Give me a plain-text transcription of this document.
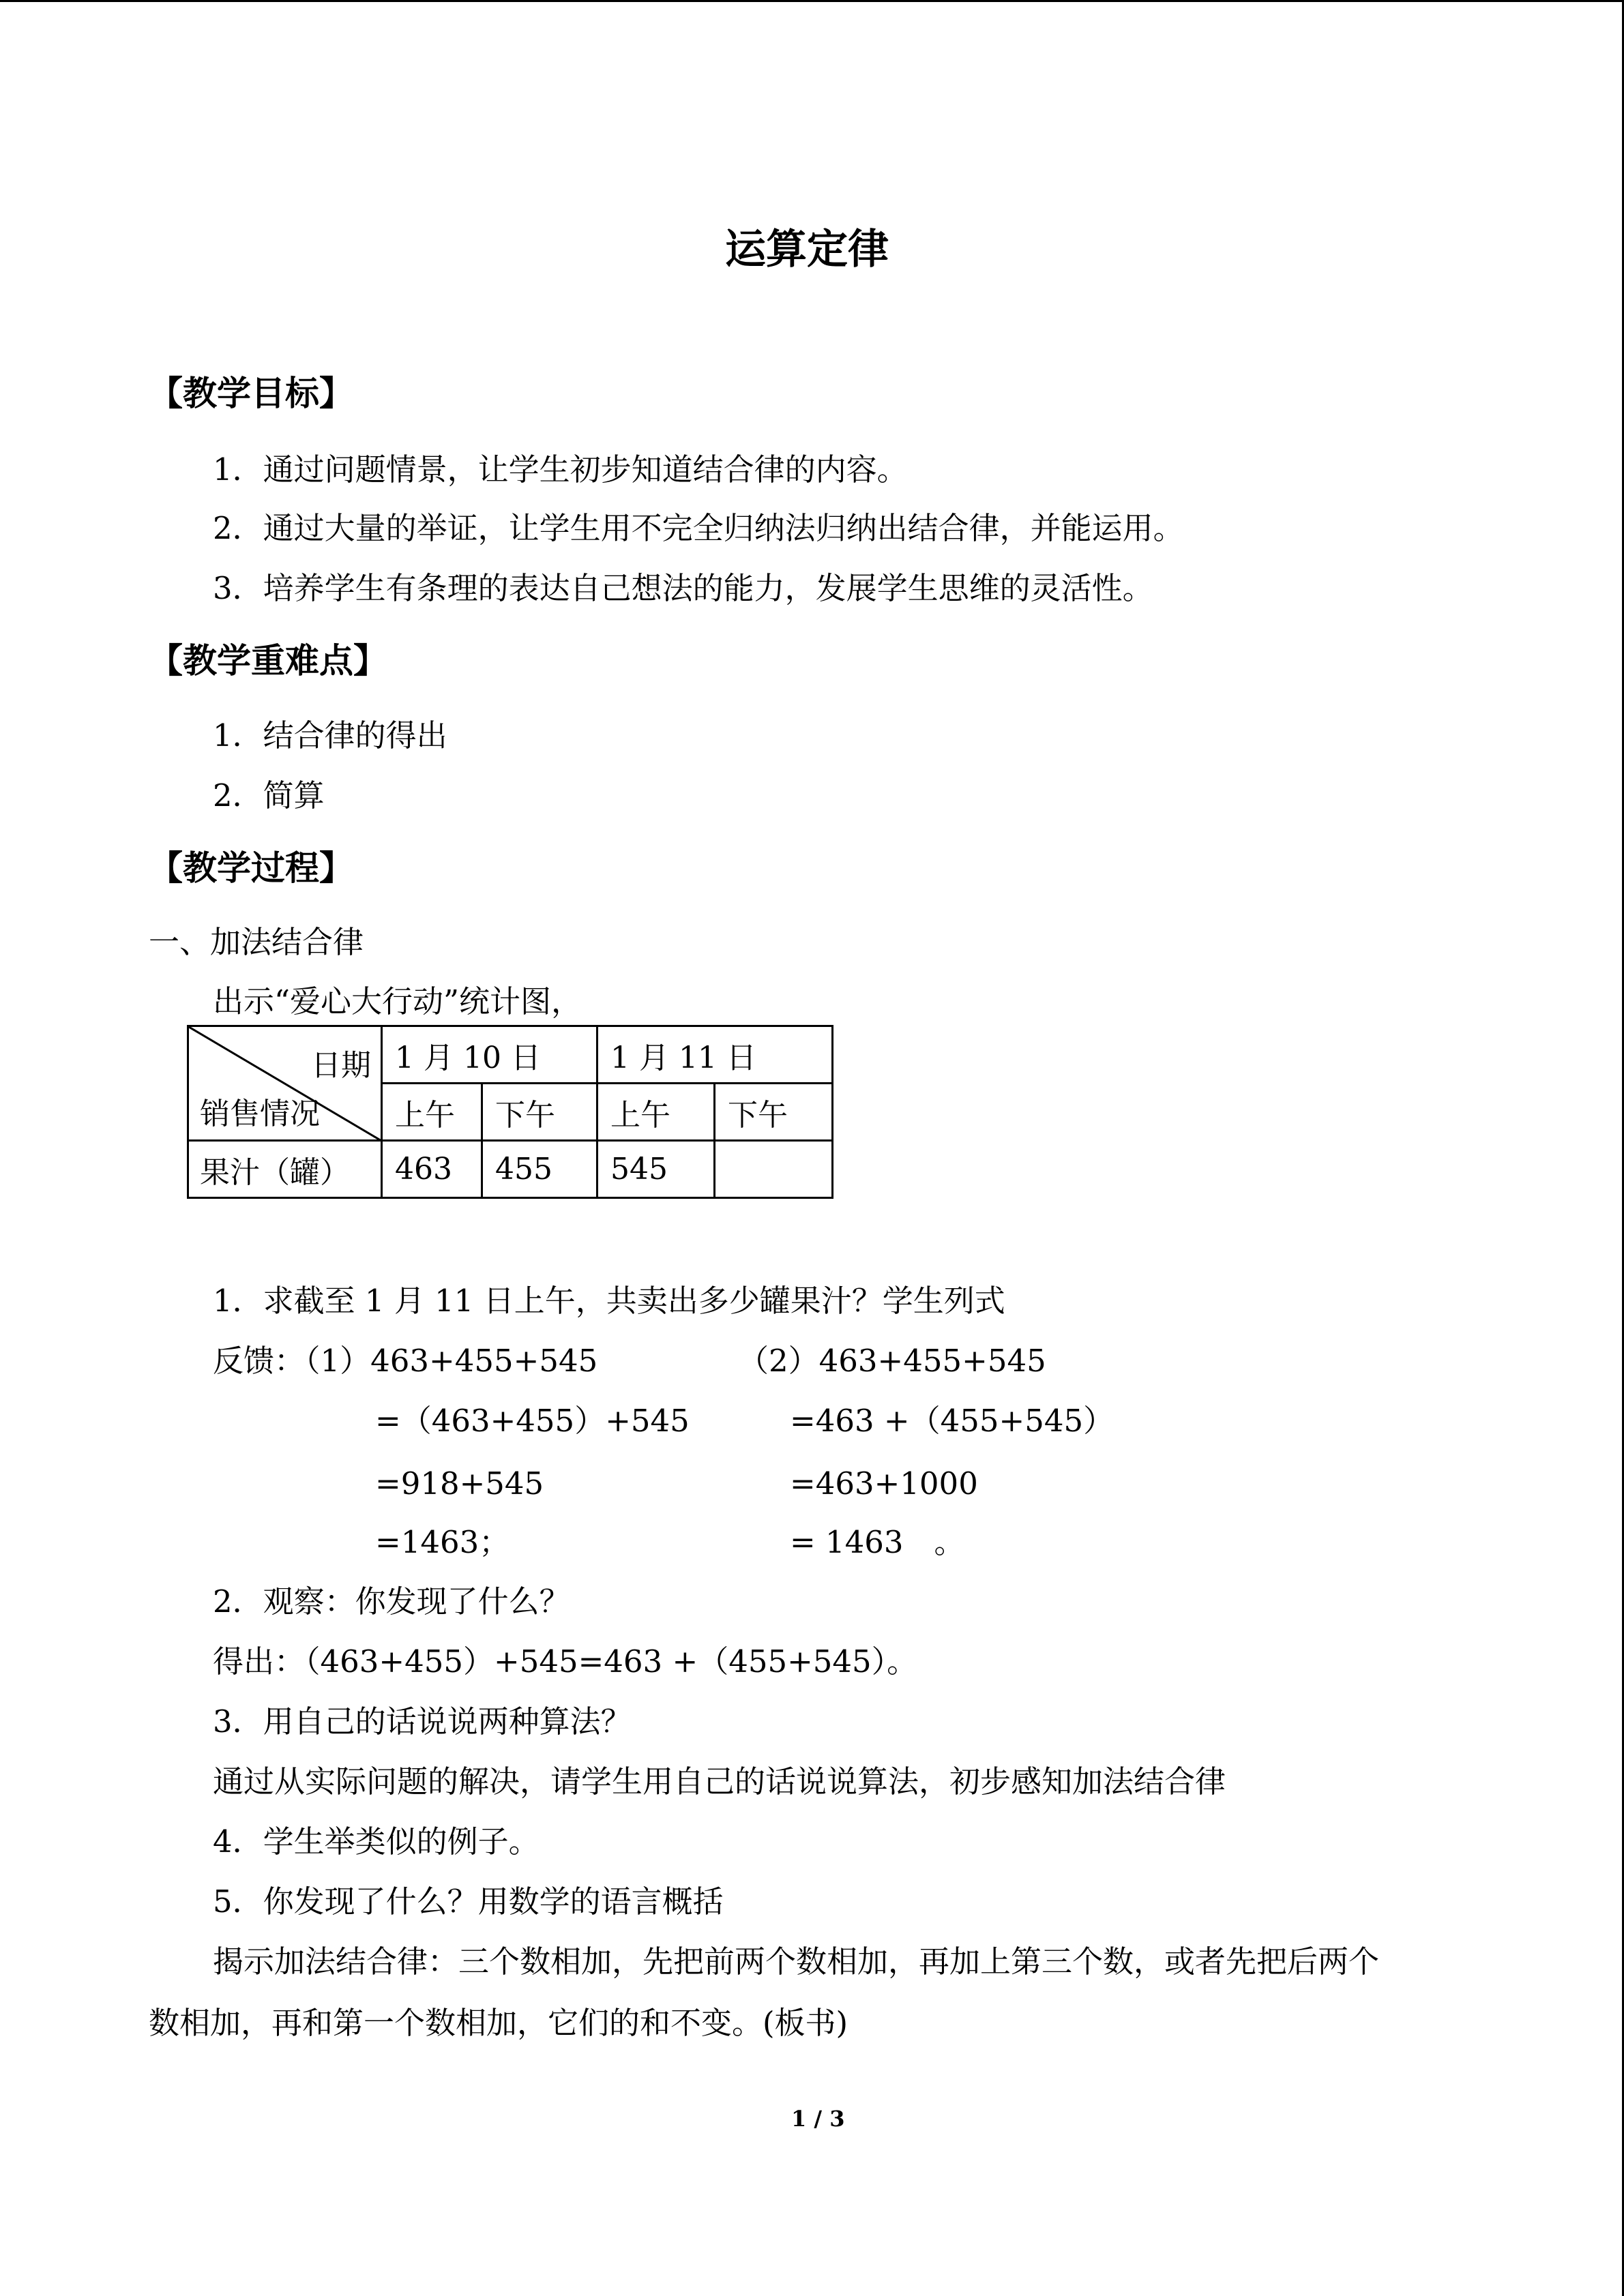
运算定律
【教学目标】
1．通过问题情景，让学生初步知道结合律的内容。
2．通过大量的举证，让学生用不完全归纳法归纳出结合律，并能运用。
3．培养学生有条理的表达自己想法的能力，发展学生思维的灵活性。
【教学重难点】
1．结合律的得出
2．简算
【教学过程】
一、加法结合律
出示“爱心大行动”统计图，
日期
销售情况	1 月 10 日		1 月 11 日	
	上午	下午	上午	下午
果汁（罐）	463	455	545	
1．求截至 1 月 11 日上午，共卖出多少罐果汁？学生列式
反馈：（1）463+455+545	（2）463+455+545
=（463+455）+545
=918+545
=1463；
=463 +（455+545）
=463+1000
= 1463　。
2．观察：你发现了什么？
得出：（463+455）+545=463 +（455+545）。
3．用自己的话说说两种算法？
通过从实际问题的解决，请学生用自己的话说说算法，初步感知加法结合律
4．学生举类似的例子。
5．你发现了什么？用数学的语言概括
揭示加法结合律：三个数相加，先把前两个数相加，再加上第三个数，或者先把后两个
数相加，再和第一个数相加，它们的和不变。(板书)
1 / 3
